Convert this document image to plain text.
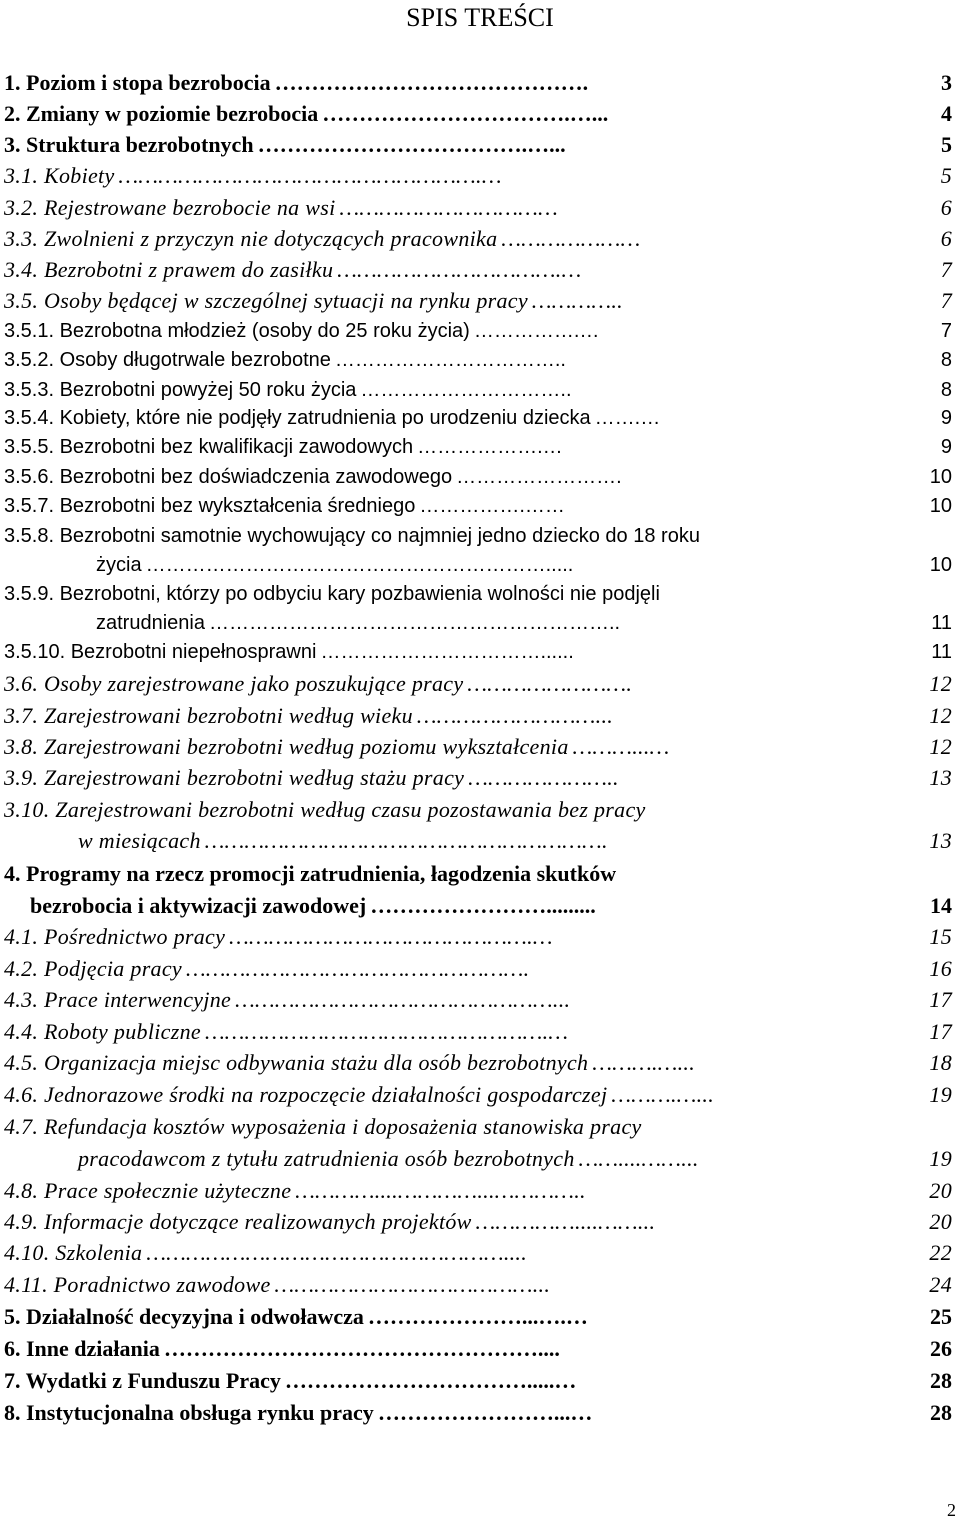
SPIS TREŚCI
1. Poziom i stopa bezrobocia …………………………………….	3
2. Zmiany w poziomie bezrobocia …………………………….…...	4
3. Struktura bezrobotnych ……………………………….…...	5
3.1. Kobiety ……………………………………………….…	5
3.2. Rejestrowane bezrobocie na wsi ……………………………	6
3.3. Zwolnieni z przyczyn nie dotyczących pracownika …………………	6
3.4. Bezrobotni z prawem do zasiłku …………………………….…	7
3.5. Osoby będącej w szczególnej sytuacji na rynku pracy …………..	7
3.5.1. Bezrobotna młodzież (osoby do 25 roku życia) …………….…	7
3.5.2. Osoby długotrwale bezrobotne ……………………………..	8
3.5.3. Bezrobotni powyżej 50 roku życia …………………………..	8
3.5.4. Kobiety, które nie podjęły zatrudnienia po urodzeniu dziecka …….…	9
3.5.5. Bezrobotni bez kwalifikacji zawodowych ……………….…	9
3.5.6. Bezrobotni bez doświadczenia zawodowego …………………….	10
3.5.7. Bezrobotni bez wykształcenia średniego …………….……	10
3.5.8. Bezrobotni samotnie wychowujący co najmniej jedno dziecko do 18 roku
życia …………………………………………………….....	10
3.5.9. Bezrobotni, którzy po odbyciu kary pozbawienia wolności nie podjęli
zatrudnienia ……………………………………………………..	11
3.5.10. Bezrobotni niepełnosprawni ……………………………......	11
3.6. Osoby zarejestrowane jako poszukujące pracy …………………….	12
3.7. Zarejestrowani bezrobotni według wieku ………………………...	12
3.8. Zarejestrowani bezrobotni według poziomu wykształcenia ………...…	12
3.9. Zarejestrowani bezrobotni według stażu pracy …………………..	13
3.10. Zarejestrowani bezrobotni według czasu pozostawania bez pracy
w miesiącach …………………………………………………….	13
4. Programy na rzecz promocji zatrudnienia, łagodzenia skutków
bezrobocia i aktywizacji zawodowej …………………….........	14
4.1. Pośrednictwo pracy ……………………………………….…	15
4.2. Podjęcia pracy …………………………………………….	16
4.3. Prace interwencyjne …………………………………………...	17
4.4. Roboty publiczne …………………………………………….…	17
4.5. Organizacja miejsc odbywania stażu dla osób bezrobotnych ……….…...	18
4.6. Jednorazowe środki na rozpoczęcie działalności gospodarczej ……….…...	19
4.7. Refundacja kosztów wyposażenia i doposażenia stanowiska pracy
pracodawcom z tytułu zatrudnienia osób bezrobotnych ……....……...	19
4.8. Prace społecznie użyteczne …………....…………...…………..	20
4.9. Informacje dotyczące realizowanych projektów ……………....……...	20
4.10. Szkolenia ………………………………………………....	22
4.11. Poradnictwo zawodowe …………………………………...	24
5. Działalność decyzyjna i odwoławcza …………………...….…	25
6. Inne działania ……………………………………………....	26
7. Wydatki z Funduszu Pracy …………………………….....…	28
8. Instytucjonalna obsługa rynku pracy ……………………...…	28
2
